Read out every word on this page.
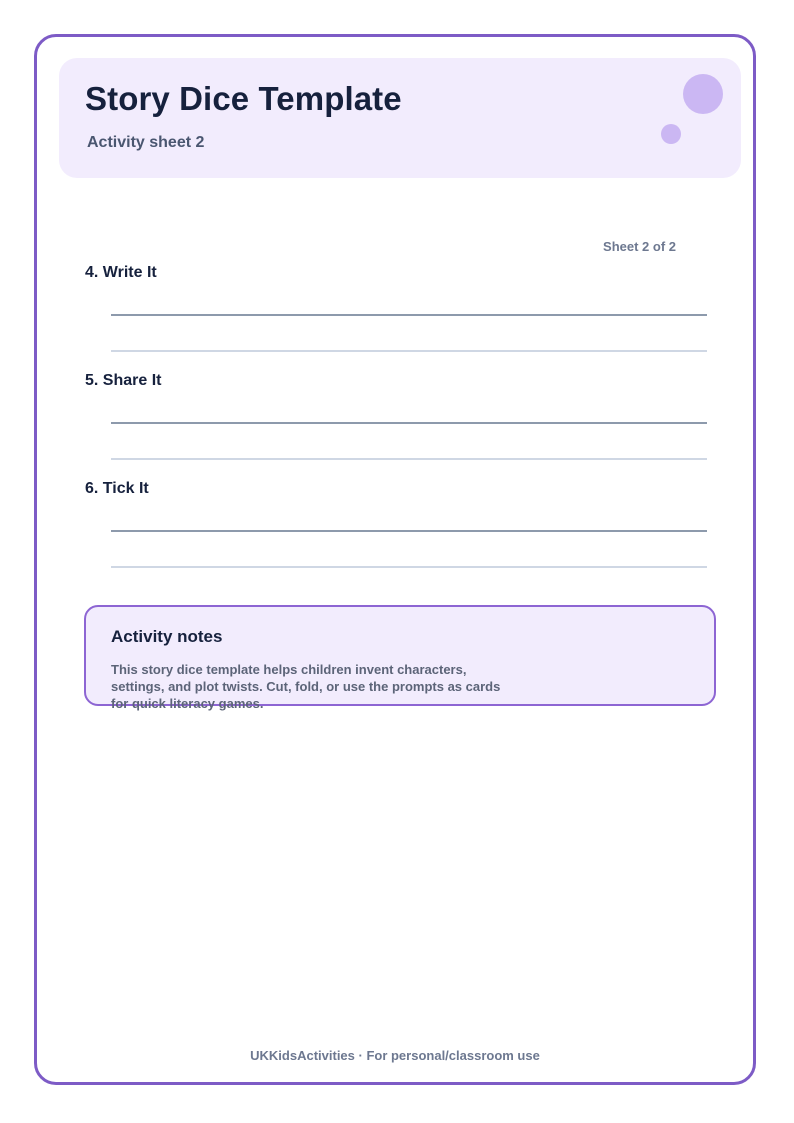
Story Dice Template
Activity sheet 2
Sheet 2 of 2
4. Write It
5. Share It
6. Tick It
Activity notes

This story dice template helps children invent characters, settings, and plot twists. Cut, fold, or use the prompts as cards for quick literacy games.

UKKidsActivities · For personal/classroom use
